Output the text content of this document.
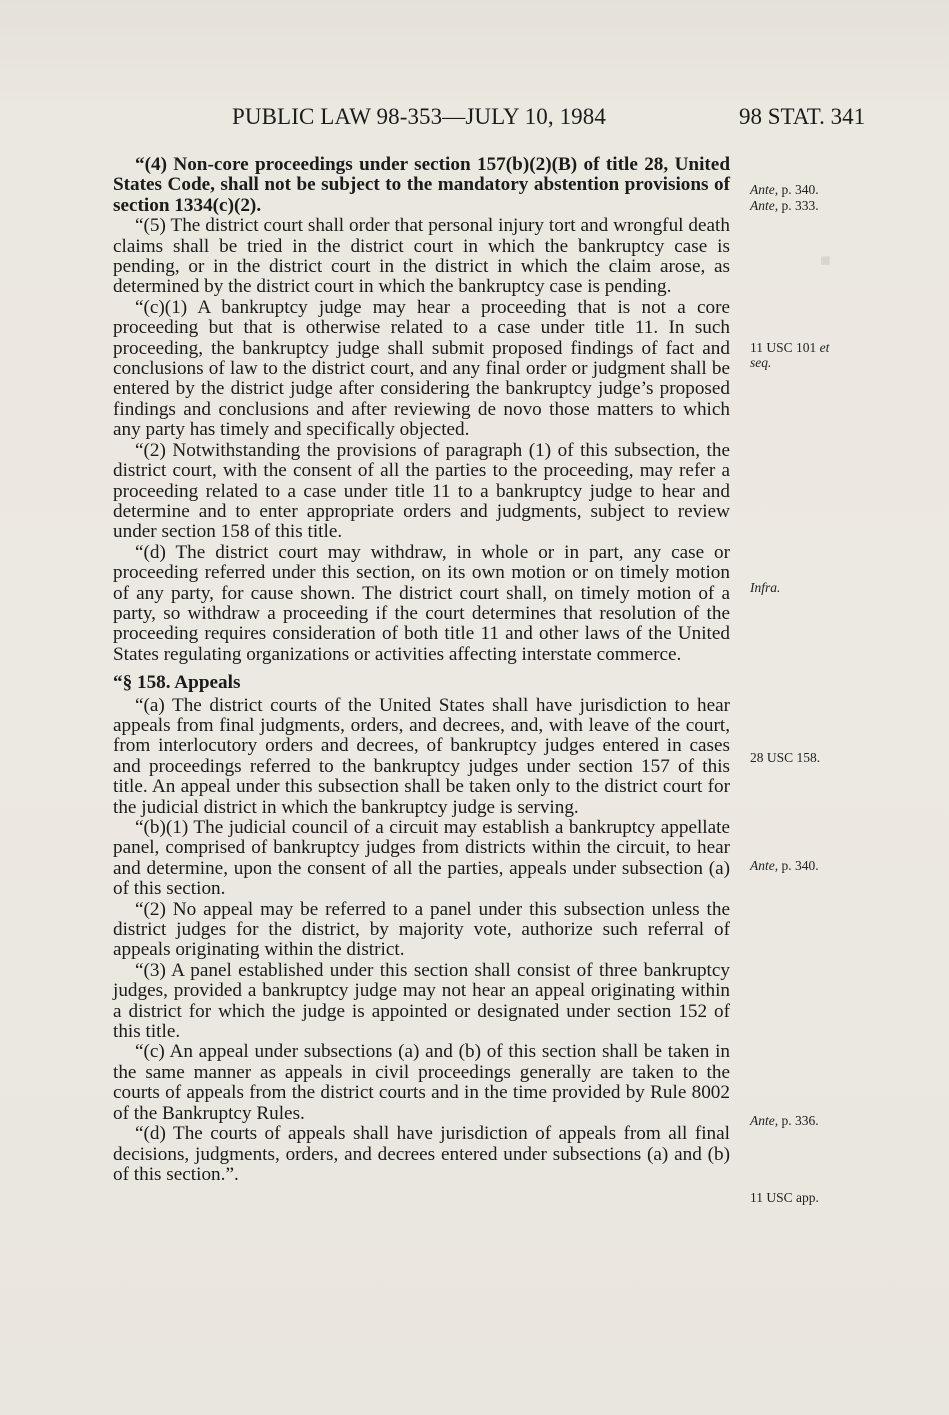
■
PUBLIC LAW 98-353—JULY 10, 1984	98 STAT. 341

“(4) Non-core proceedings under section 157(b)(2)(B) of title 28, United States Code, shall not be subject to the mandatory abstention provisions of section 1334(c)(2).

“(5) The district court shall order that personal injury tort and wrongful death claims shall be tried in the district court in which the bankruptcy case is pending, or in the district court in the district in which the claim arose, as determined by the district court in which the bankruptcy case is pending.

“(c)(1) A bankruptcy judge may hear a proceeding that is not a core proceeding but that is otherwise related to a case under title 11. In such proceeding, the bankruptcy judge shall submit proposed findings of fact and conclusions of law to the district court, and any final order or judgment shall be entered by the district judge after considering the bankruptcy judge’s proposed findings and conclusions and after reviewing de novo those matters to which any party has timely and specifically objected.

“(2) Notwithstanding the provisions of paragraph (1) of this subsection, the district court, with the consent of all the parties to the proceeding, may refer a proceeding related to a case under title 11 to a bankruptcy judge to hear and determine and to enter appropriate orders and judgments, subject to review under section 158 of this title.

“(d) The district court may withdraw, in whole or in part, any case or proceeding referred under this section, on its own motion or on timely motion of any party, for cause shown. The district court shall, on timely motion of a party, so withdraw a proceeding if the court determines that resolution of the proceeding requires consideration of both title 11 and other laws of the United States regulating organizations or activities affecting interstate commerce.

“§ 158. Appeals

“(a) The district courts of the United States shall have jurisdiction to hear appeals from final judgments, orders, and decrees, and, with leave of the court, from interlocutory orders and decrees, of bankruptcy judges entered in cases and proceedings referred to the bankruptcy judges under section 157 of this title. An appeal under this subsection shall be taken only to the district court for the judicial district in which the bankruptcy judge is serving.

“(b)(1) The judicial council of a circuit may establish a bankruptcy appellate panel, comprised of bankruptcy judges from districts within the circuit, to hear and determine, upon the consent of all the parties, appeals under subsection (a) of this section.

“(2) No appeal may be referred to a panel under this subsection unless the district judges for the district, by majority vote, authorize such referral of appeals originating within the district.

“(3) A panel established under this section shall consist of three bankruptcy judges, provided a bankruptcy judge may not hear an appeal originating within a district for which the judge is appointed or designated under section 152 of this title.

“(c) An appeal under subsections (a) and (b) of this section shall be taken in the same manner as appeals in civil proceedings generally are taken to the courts of appeals from the district courts and in the time provided by Rule 8002 of the Bankruptcy Rules.

“(d) The courts of appeals shall have jurisdiction of appeals from all final decisions, judgments, orders, and decrees entered under subsections (a) and (b) of this section.”.

Ante, p. 340.
Ante, p. 333.
11 USC 101 et
seq.
Infra.
28 USC 158.
Ante, p. 340.
Ante, p. 336.
11 USC app.
